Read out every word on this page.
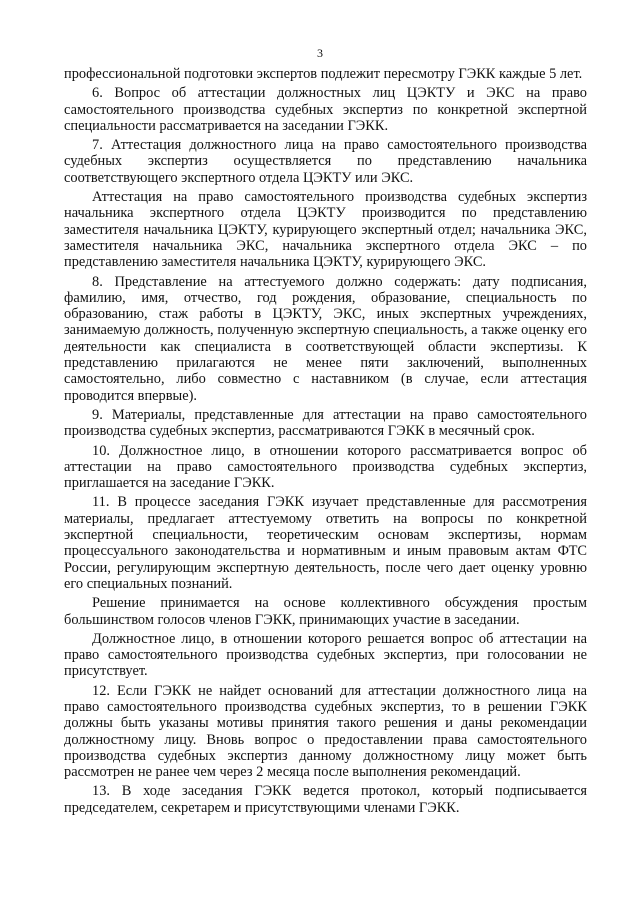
3

профессиональной подготовки экспертов подлежит пересмотру ГЭКК каждые 5 лет.

6. Вопрос об аттестации должностных лиц ЦЭКТУ и ЭКС на право самостоятельного производства судебных экспертиз по конкретной экспертной специальности рассматривается на заседании ГЭКК.

7. Аттестация должностного лица на право самостоятельного производства судебных экспертиз осуществляется по представлению начальника соответствующего экспертного отдела ЦЭКТУ или ЭКС.

Аттестация на право самостоятельного производства судебных экспертиз начальника экспертного отдела ЦЭКТУ производится по представлению заместителя начальника ЦЭКТУ, курирующего экспертный отдел; начальника ЭКС, заместителя начальника ЭКС, начальника экспертного отдела ЭКС – по представлению заместителя начальника ЦЭКТУ, курирующего ЭКС.

8. Представление на аттестуемого должно содержать: дату подписания, фамилию, имя, отчество, год рождения, образование, специальность по образованию, стаж работы в ЦЭКТУ, ЭКС, иных экспертных учреждениях, занимаемую должность, полученную экспертную специальность, а также оценку его деятельности как специалиста в соответствующей области экспертизы. К представлению прилагаются не менее пяти заключений, выполненных самостоятельно, либо совместно с наставником (в случае, если аттестация проводится впервые).

9. Материалы, представленные для аттестации на право самостоятельного производства судебных экспертиз, рассматриваются ГЭКК в месячный срок.

10. Должностное лицо, в отношении которого рассматривается вопрос об аттестации на право самостоятельного производства судебных экспертиз, приглашается на заседание ГЭКК.

11. В процессе заседания ГЭКК изучает представленные для рассмотрения материалы, предлагает аттестуемому ответить на вопросы по конкретной экспертной специальности, теоретическим основам экспертизы, нормам процессуального законодательства и нормативным и иным правовым актам ФТС России, регулирующим экспертную деятельность, после чего дает оценку уровню его специальных познаний.

Решение принимается на основе коллективного обсуждения простым большинством голосов членов ГЭКК, принимающих участие в заседании.

Должностное лицо, в отношении которого решается вопрос об аттестации на право самостоятельного производства судебных экспертиз, при голосовании не присутствует.

12. Если ГЭКК не найдет оснований для аттестации должностного лица на право самостоятельного производства судебных экспертиз, то в решении ГЭКК должны быть указаны мотивы принятия такого решения и даны рекомендации должностному лицу. Вновь вопрос о предоставлении права самостоятельного производства судебных экспертиз данному должностному лицу может быть рассмотрен не ранее чем через 2 месяца после выполнения рекомендаций.

13. В ходе заседания ГЭКК ведется протокол, который подписывается председателем, секретарем и присутствующими членами ГЭКК.
